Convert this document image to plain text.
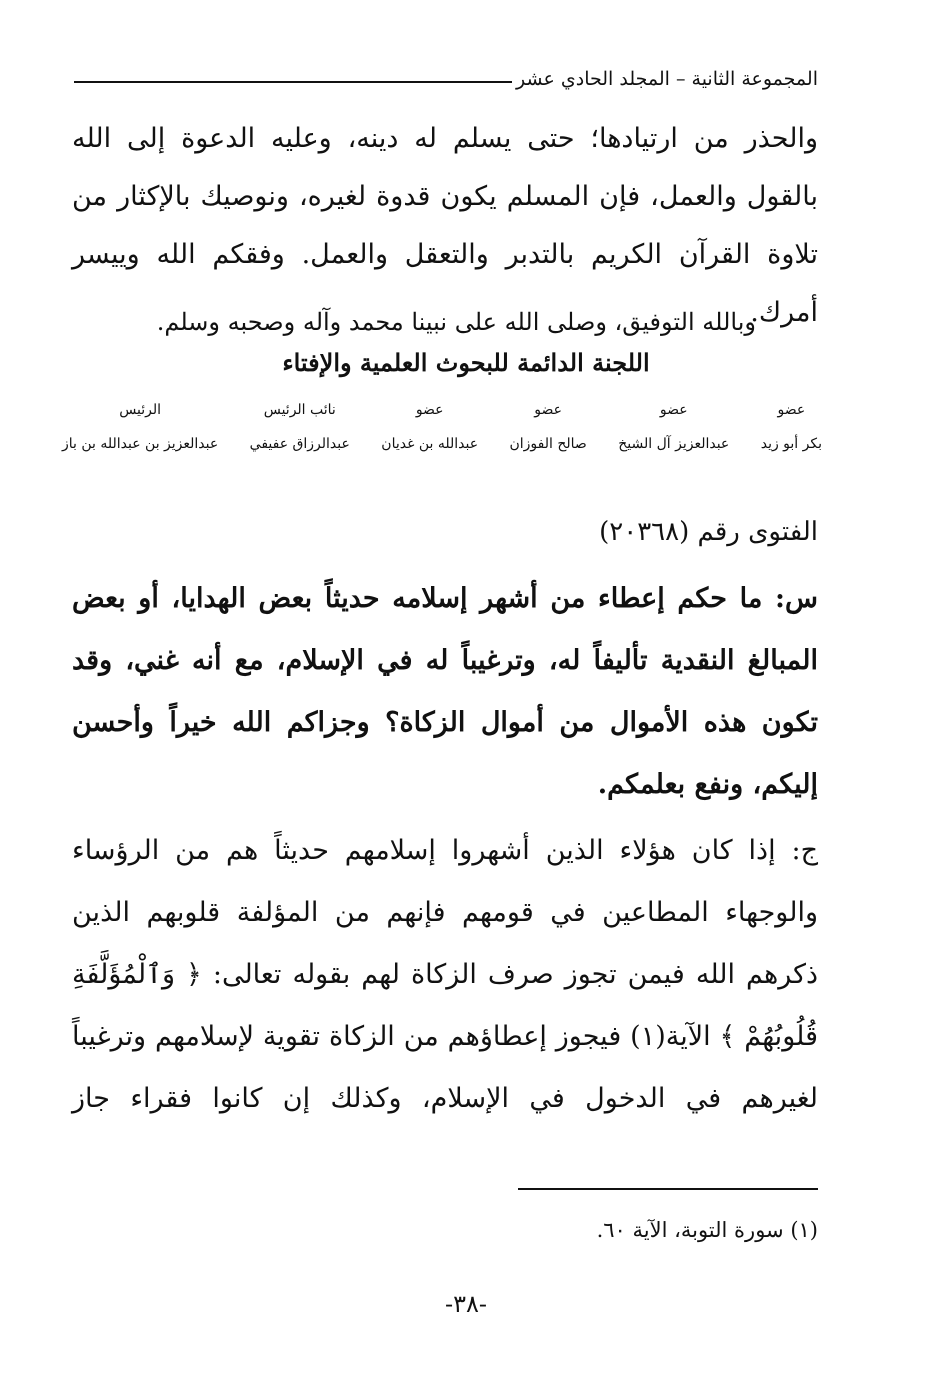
المجموعة الثانية – المجلد الحادي عشر
والحذر من ارتيادها؛ حتى يسلم له دينه، وعليه الدعوة إلى الله بالقول والعمل، فإن المسلم يكون قدوة لغيره، ونوصيك بالإكثار من تلاوة القرآن الكريم بالتدبر والتعقل والعمل. وفقكم الله وييسر أمرك.
وبالله التوفيق، وصلى الله على نبينا محمد وآله وصحبه وسلم.
اللجنة الدائمة للبحوث العلمية والإفتاء
عضو
بكر أبو زيد
عضو
عبدالعزيز آل الشيخ
عضو
صالح الفوزان
عضو
عبدالله بن غديان
نائب الرئيس
عبدالرزاق عفيفي
الرئيس
عبدالعزيز بن عبدالله بن باز
الفتوى رقم (٢٠٣٦٨)
س: ما حكم إعطاء من أشهر إسلامه حديثاً بعض الهدايا، أو بعض المبالغ النقدية تأليفاً له، وترغيباً له في الإسلام، مع أنه غني، وقد تكون هذه الأموال من أموال الزكاة؟ وجزاكم الله خيراً وأحسن إليكم، ونفع بعلمكم.
ج: إذا كان هؤلاء الذين أشهروا إسلامهم حديثاً هم من الرؤساء والوجهاء المطاعين في قومهم فإنهم من المؤلفة قلوبهم الذين ذكرهم الله فيمن تجوز صرف الزكاة لهم بقوله تعالى: ﴿ وَٱلْمُؤَلَّفَةِ قُلُوبُهُمْ ﴾ الآية(١) فيجوز إعطاؤهم من الزكاة تقوية لإسلامهم وترغيباً لغيرهم في الدخول في الإسلام، وكذلك إن كانوا فقراء جاز
(١) سورة التوبة، الآية ٦٠.
-٣٨-
